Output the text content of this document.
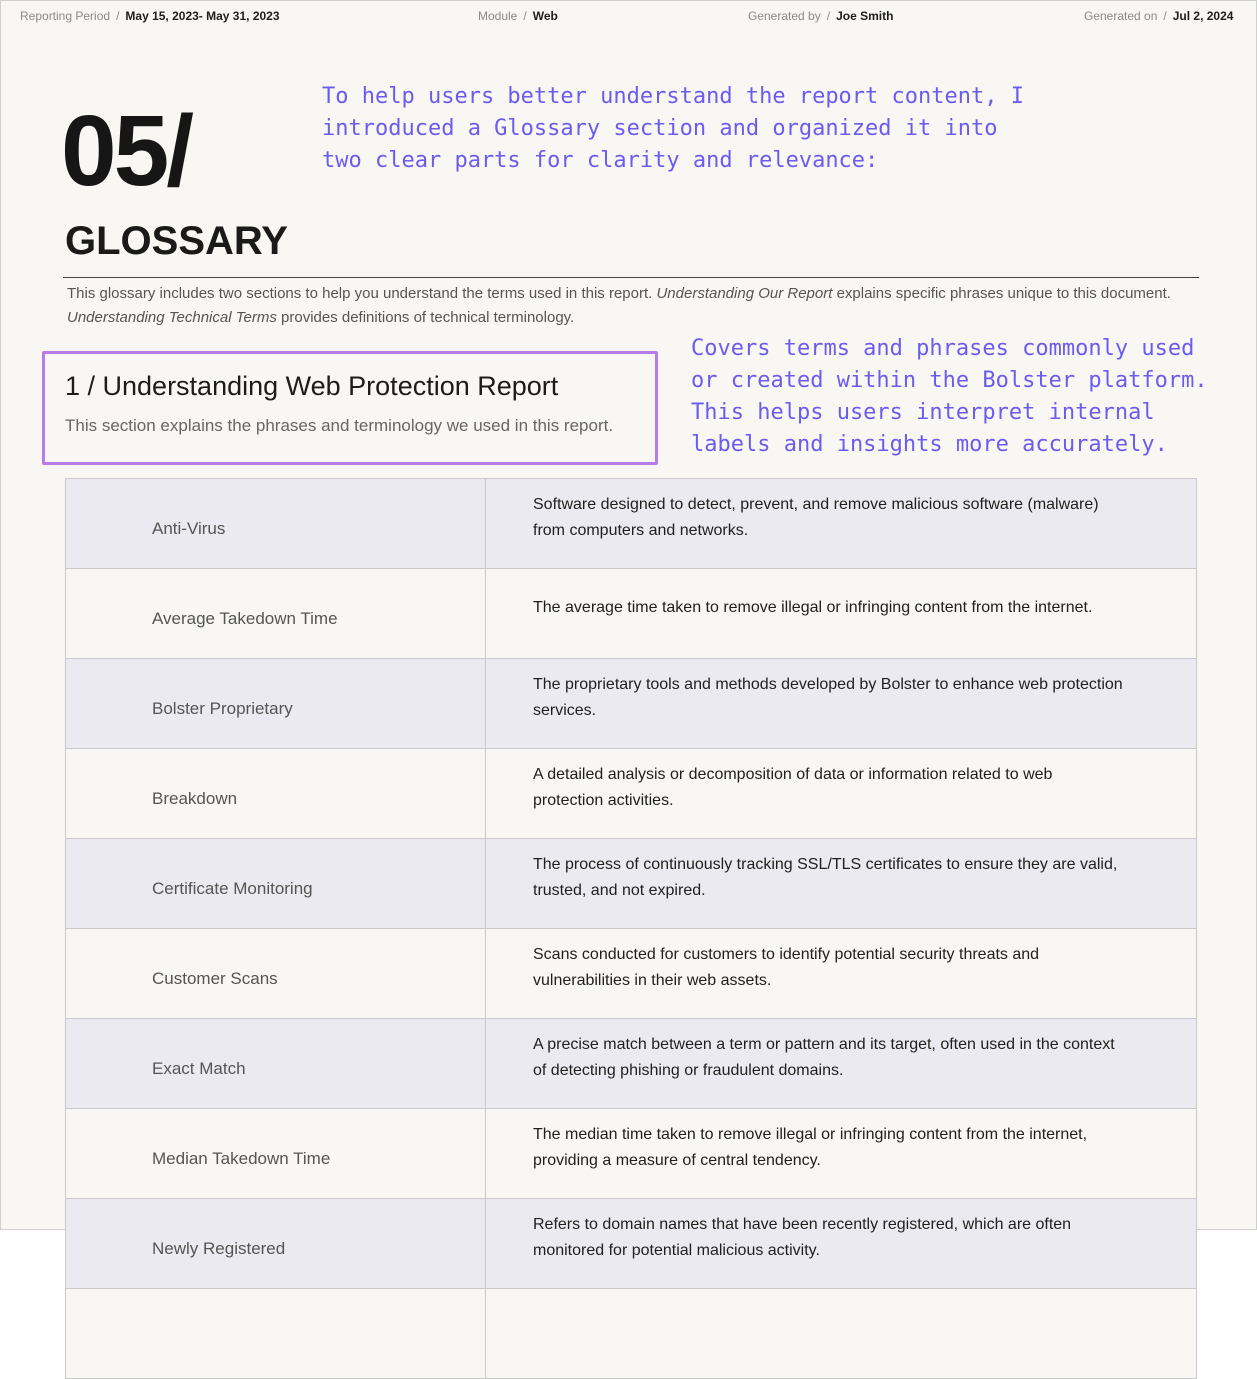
Reporting Period / May 15, 2023- May 31, 2023	Module / Web	Generated by / Joe Smith	Generated on / Jul 2, 2024
05/
GLOSSARY
This glossary includes two sections to help you understand the terms used in this report. Understanding Our Report explains specific phrases unique to this document. Understanding Technical Terms provides definitions of technical terminology.
To help users better understand the report content, I
introduced a Glossary section and organized it into
two clear parts for clarity and relevance:
Covers terms and phrases commonly used
or created within the Bolster platform.
This helps users interpret internal
labels and insights more accurately.
1 / Understanding Web Protection Report
This section explains the phrases and terminology we used in this report.
Anti-Virus	Software designed to detect, prevent, and remove malicious software (malware) from computers and networks.

Average Takedown Time	The average time taken to remove illegal or infringing content from the internet.

Bolster Proprietary	The proprietary tools and methods developed by Bolster to enhance web protection services.

Breakdown	A detailed analysis or decomposition of data or information related to web protection activities.

Certificate Monitoring	The process of continuously tracking SSL/TLS certificates to ensure they are valid, trusted, and not expired.

Customer Scans	Scans conducted for customers to identify potential security threats and vulnerabilities in their web assets.

Exact Match	A precise match between a term or pattern and its target, often used in the context of detecting phishing or fraudulent domains.

Median Takedown Time	The median time taken to remove illegal or infringing content from the internet, providing a measure of central tendency.

Newly Registered	Refers to domain names that have been recently registered, which are often monitored for potential malicious activity.
